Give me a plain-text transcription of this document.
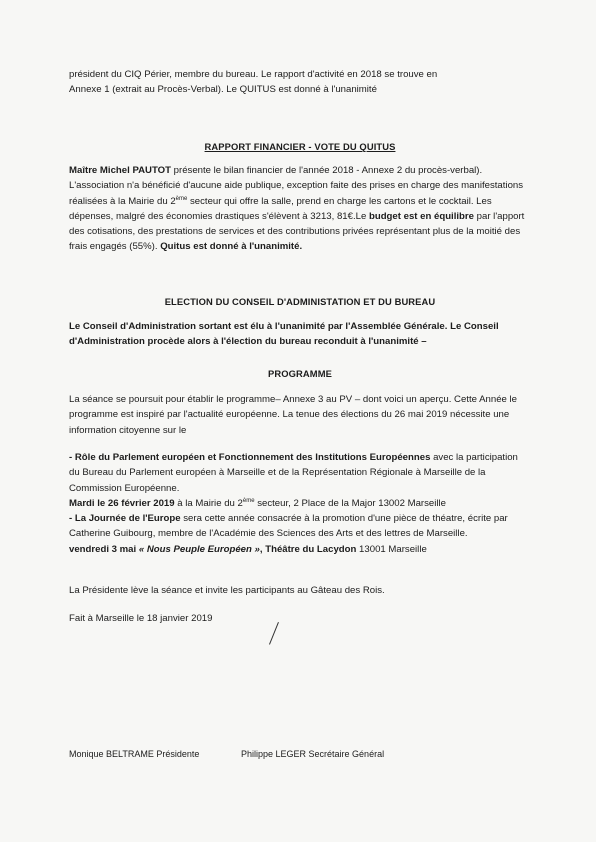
président du CIQ Périer, membre du bureau. Le rapport d'activité en 2018 se trouve en
Annexe 1 (extrait au Procès-Verbal). Le QUITUS est donné à l'unanimité

RAPPORT FINANCIER - VOTE DU QUITUS

Maître Michel PAUTOT présente le bilan financier de l'année 2018 - Annexe 2 du procès-verbal). L'association n'a bénéficié d'aucune aide publique, exception faite des prises en charge des manifestations réalisées à la Mairie du 2ème secteur qui offre la salle, prend en charge les cartons et le cocktail. Les dépenses, malgré des économies drastiques s'élèvent à 3213, 81€.Le budget est en équilibre par l'apport des cotisations, des prestations de services et des contributions privées représentant plus de la moitié des frais engagés (55%). Quitus est donné à l'unanimité.

ELECTION DU CONSEIL D'ADMINISTATION ET DU BUREAU

Le Conseil d'Administration sortant est élu à l'unanimité par l'Assemblée Générale. Le Conseil d'Administration procède alors à l'élection du bureau reconduit à l'unanimité –

PROGRAMME

La séance se poursuit pour établir le programme– Annexe 3 au PV – dont voici un aperçu. Cette Année le programme est inspiré par l'actualité européenne. La tenue des élections du 26 mai 2019 nécessite une information citoyenne sur le

- Rôle du Parlement européen et Fonctionnement des Institutions Européennes avec la participation du Bureau du Parlement européen à Marseille et de la Représentation Régionale à Marseille de la Commission Européenne.
Mardi le 26 février 2019 à la Mairie du 2ème secteur, 2 Place de la Major 13002 Marseille

- La Journée de l'Europe sera cette année consacrée à la promotion d'une pièce de théatre, écrite par Catherine Guibourg, membre de l'Académie des Sciences des Arts et des lettres de Marseille.
vendredi 3 mai « Nous Peuple Européen », Théâtre du Lacydon 13001 Marseille

La Présidente lève la séance et invite les participants au Gâteau des Rois.

Fait à Marseille le 18 janvier 2019

Monique BELTRAME Présidente	Philippe LEGER Secrétaire Général
